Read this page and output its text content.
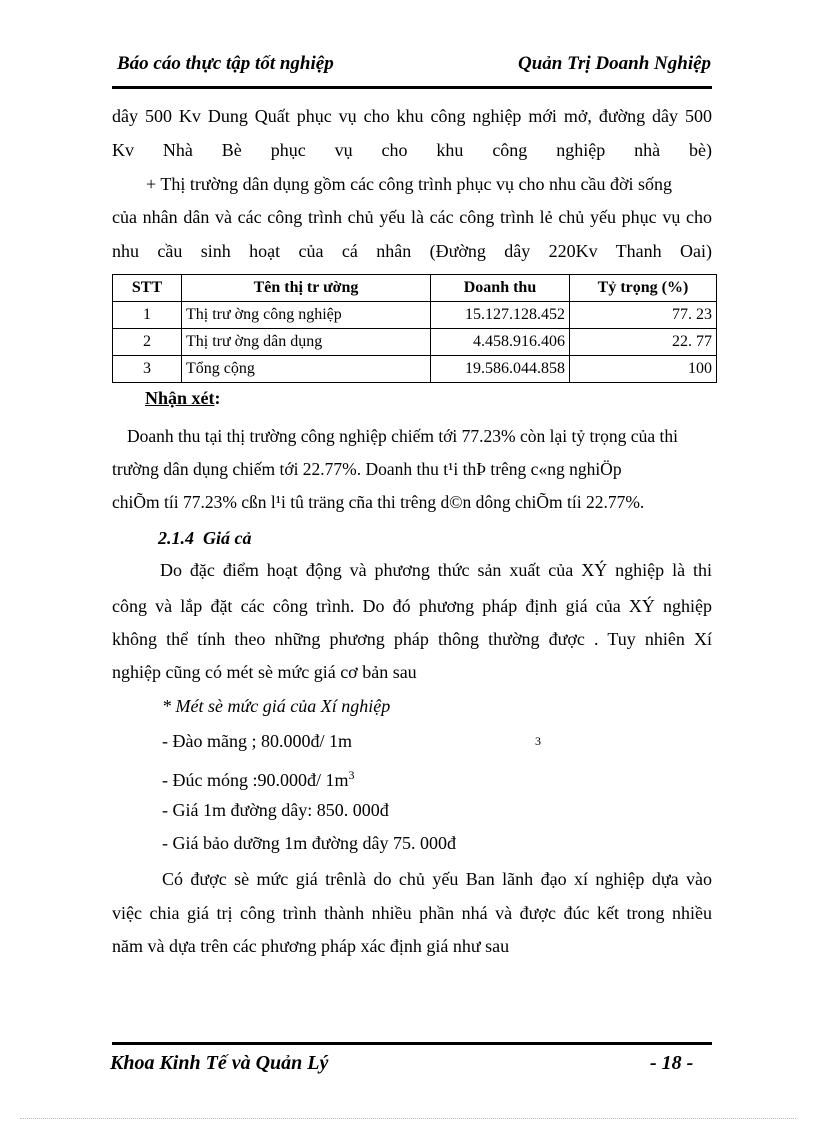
Báo cáo thực tập tốt nghiệp	Quản Trị Doanh Nghiệp
dây 500 Kv Dung Quất phục vụ cho khu công nghiệp mới mở, đường dây 500
Kv Nhà Bè phục vụ cho khu công nghiệp nhà bè)
+ Thị trường dân dụng gồm các công trình phục vụ cho nhu cầu đời sống
của nhân dân và các công trình chủ yếu là các công trình lẻ chủ yếu phục vụ cho
nhu cầu sinh hoạt của cá nhân (Đường dây 220Kv Thanh Oai)
STT	Tên thị tr ường	Doanh thu	Tỷ trọng (%)
1	Thị trư ờng công nghiệp	15.127.128.452	77. 23
2	Thị trư ờng dân dụng	4.458.916.406	22. 77
3	Tổng cộng	19.586.044.858	100
Nhận xét:
Doanh thu tại thị trường công nghiệp chiếm tới 77.23% còn lại tỷ trọng của thi
trường dân dụng chiếm tới 22.77%. Doanh thu t¹i thÞ trêng c«ng nghiÖp
chiÕm tíi 77.23% cßn l¹i tû träng cña thi trêng d©n dông chiÕm tíi 22.77%.
2.1.4 Giá cả
Do đặc điểm hoạt động và phương thức sản xuất của XÝ nghiệp là thi
công và lắp đặt các công trình. Do đó phương pháp định giá của XÝ nghiệp
không thể tính theo những phương pháp thông thường được . Tuy nhiên Xí
nghiệp cũng có mét sè mức giá cơ bản sau
* Mét sè mức giá của Xí nghiệp
- Đào mãng ; 80.000đ/ 1m	3
- Đúc móng :90.000đ/ $1m^3$
- Giá 1m đường dây: 850. 000đ
- Giá bảo dưỡng 1m đường dây 75. 000đ
Có được sè mức giá trênlà do chủ yếu Ban lãnh đạo xí nghiệp dựa vào
việc chia giá trị công trình thành nhiều phần nhá và được đúc kết trong nhiều
năm và dựa trên các phương pháp xác định giá như sau
Khoa Kinh Tế và Quản Lý	- 18 -
